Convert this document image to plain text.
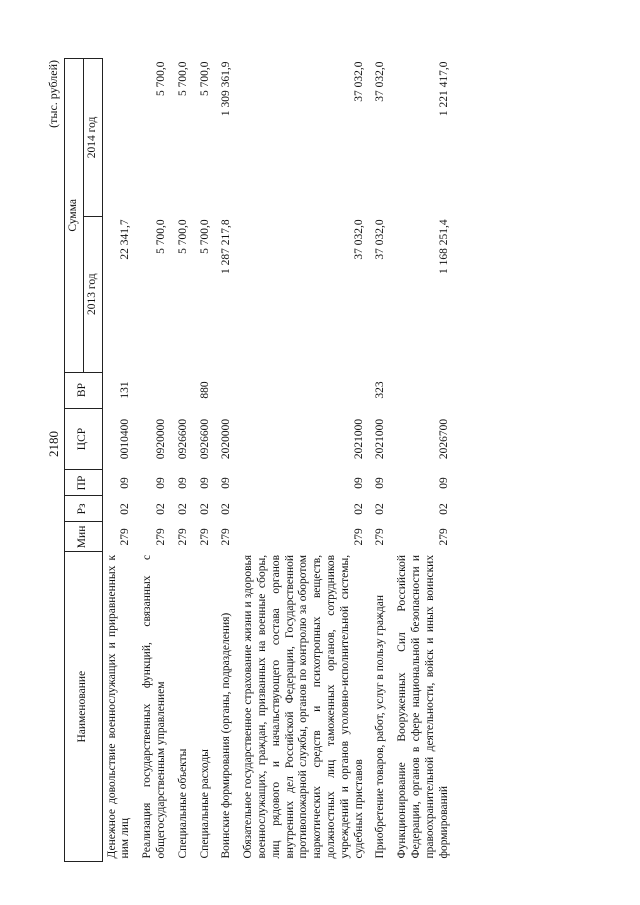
2180
(тыс. рублей)
Наименование	Мин	Рз	ПР	ЦСР	ВР	Сумма	
						2013 год	2014 год
Денежное довольствие военнослужащих и приравненных к ним лиц	279	02	09	0010400	131	22 341,7	
Реализация государственных функций, связанных с общегосударственным управлением	279	02	09	0920000		5 700,0	5 700,0
Специальные объекты	279	02	09	0926600		5 700,0	5 700,0
Специальные расходы	279	02	09	0926600	880	5 700,0	5 700,0
Воинские формирования (органы, подразделения)	279	02	09	2020000		1 287 217,8	1 309 361,9
Обязательное государственное страхование жизни и здоровья военнослужащих, граждан, призванных на военные сборы, лиц рядового и начальствующего состава органов внутренних дел Российской Федерации, Государственной противопожарной службы, органов по контролю за оборотом наркотических средств и психотропных веществ, должностных лиц таможенных органов, сотрудников учреждений и органов уголовно-исполнительной системы, судебных приставов	279	02	09	2021000		37 032,0	37 032,0
Приобретение товаров, работ, услуг в пользу граждан	279	02	09	2021000	323	37 032,0	37 032,0
Функционирование Вооруженных Сил Российской Федерации, органов в сфере национальной безопасности и правоохранительной деятельности, войск и иных воинских формирований	279	02	09	2026700		1 168 251,4	1 221 417,0
